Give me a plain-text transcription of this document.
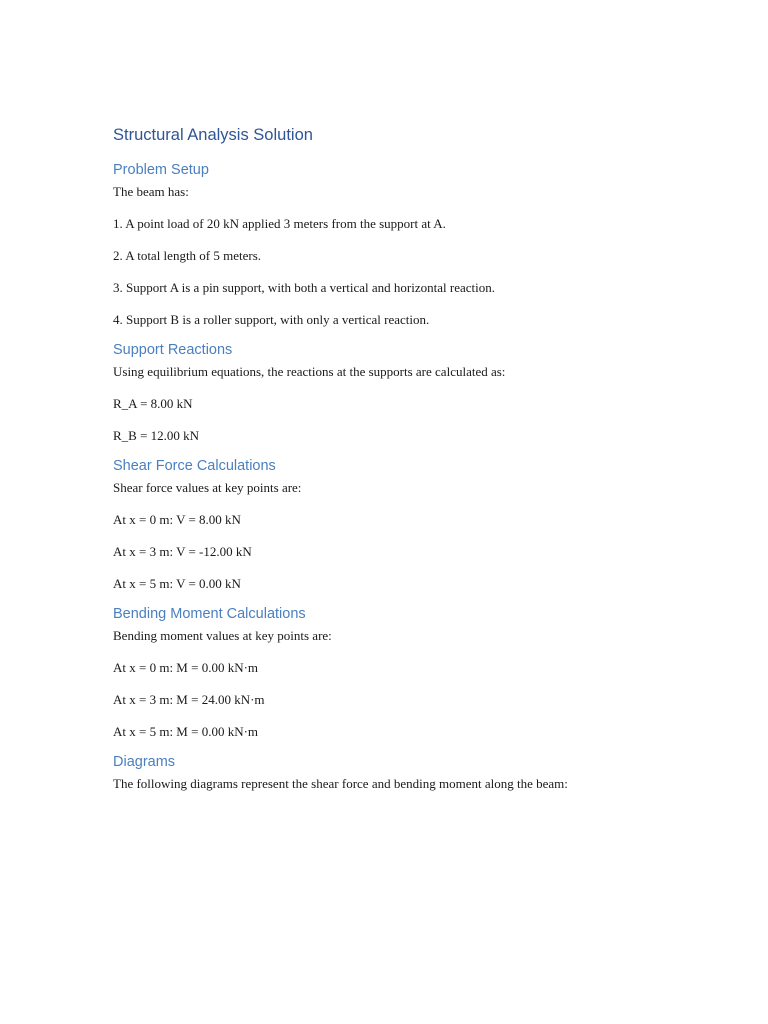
Structural Analysis Solution
Problem Setup

The beam has:

1. A point load of 20 kN applied 3 meters from the support at A.

2. A total length of 5 meters.

3. Support A is a pin support, with both a vertical and horizontal reaction.

4. Support B is a roller support, with only a vertical reaction.

Support Reactions

Using equilibrium equations, the reactions at the supports are calculated as:

R_A = 8.00 kN

R_B = 12.00 kN

Shear Force Calculations

Shear force values at key points are:

At x = 0 m: V = 8.00 kN

At x = 3 m: V = -12.00 kN

At x = 5 m: V = 0.00 kN

Bending Moment Calculations

Bending moment values at key points are:

At x = 0 m: M = 0.00 kN·m

At x = 3 m: M = 24.00 kN·m

At x = 5 m: M = 0.00 kN·m

Diagrams

The following diagrams represent the shear force and bending moment along the beam:
